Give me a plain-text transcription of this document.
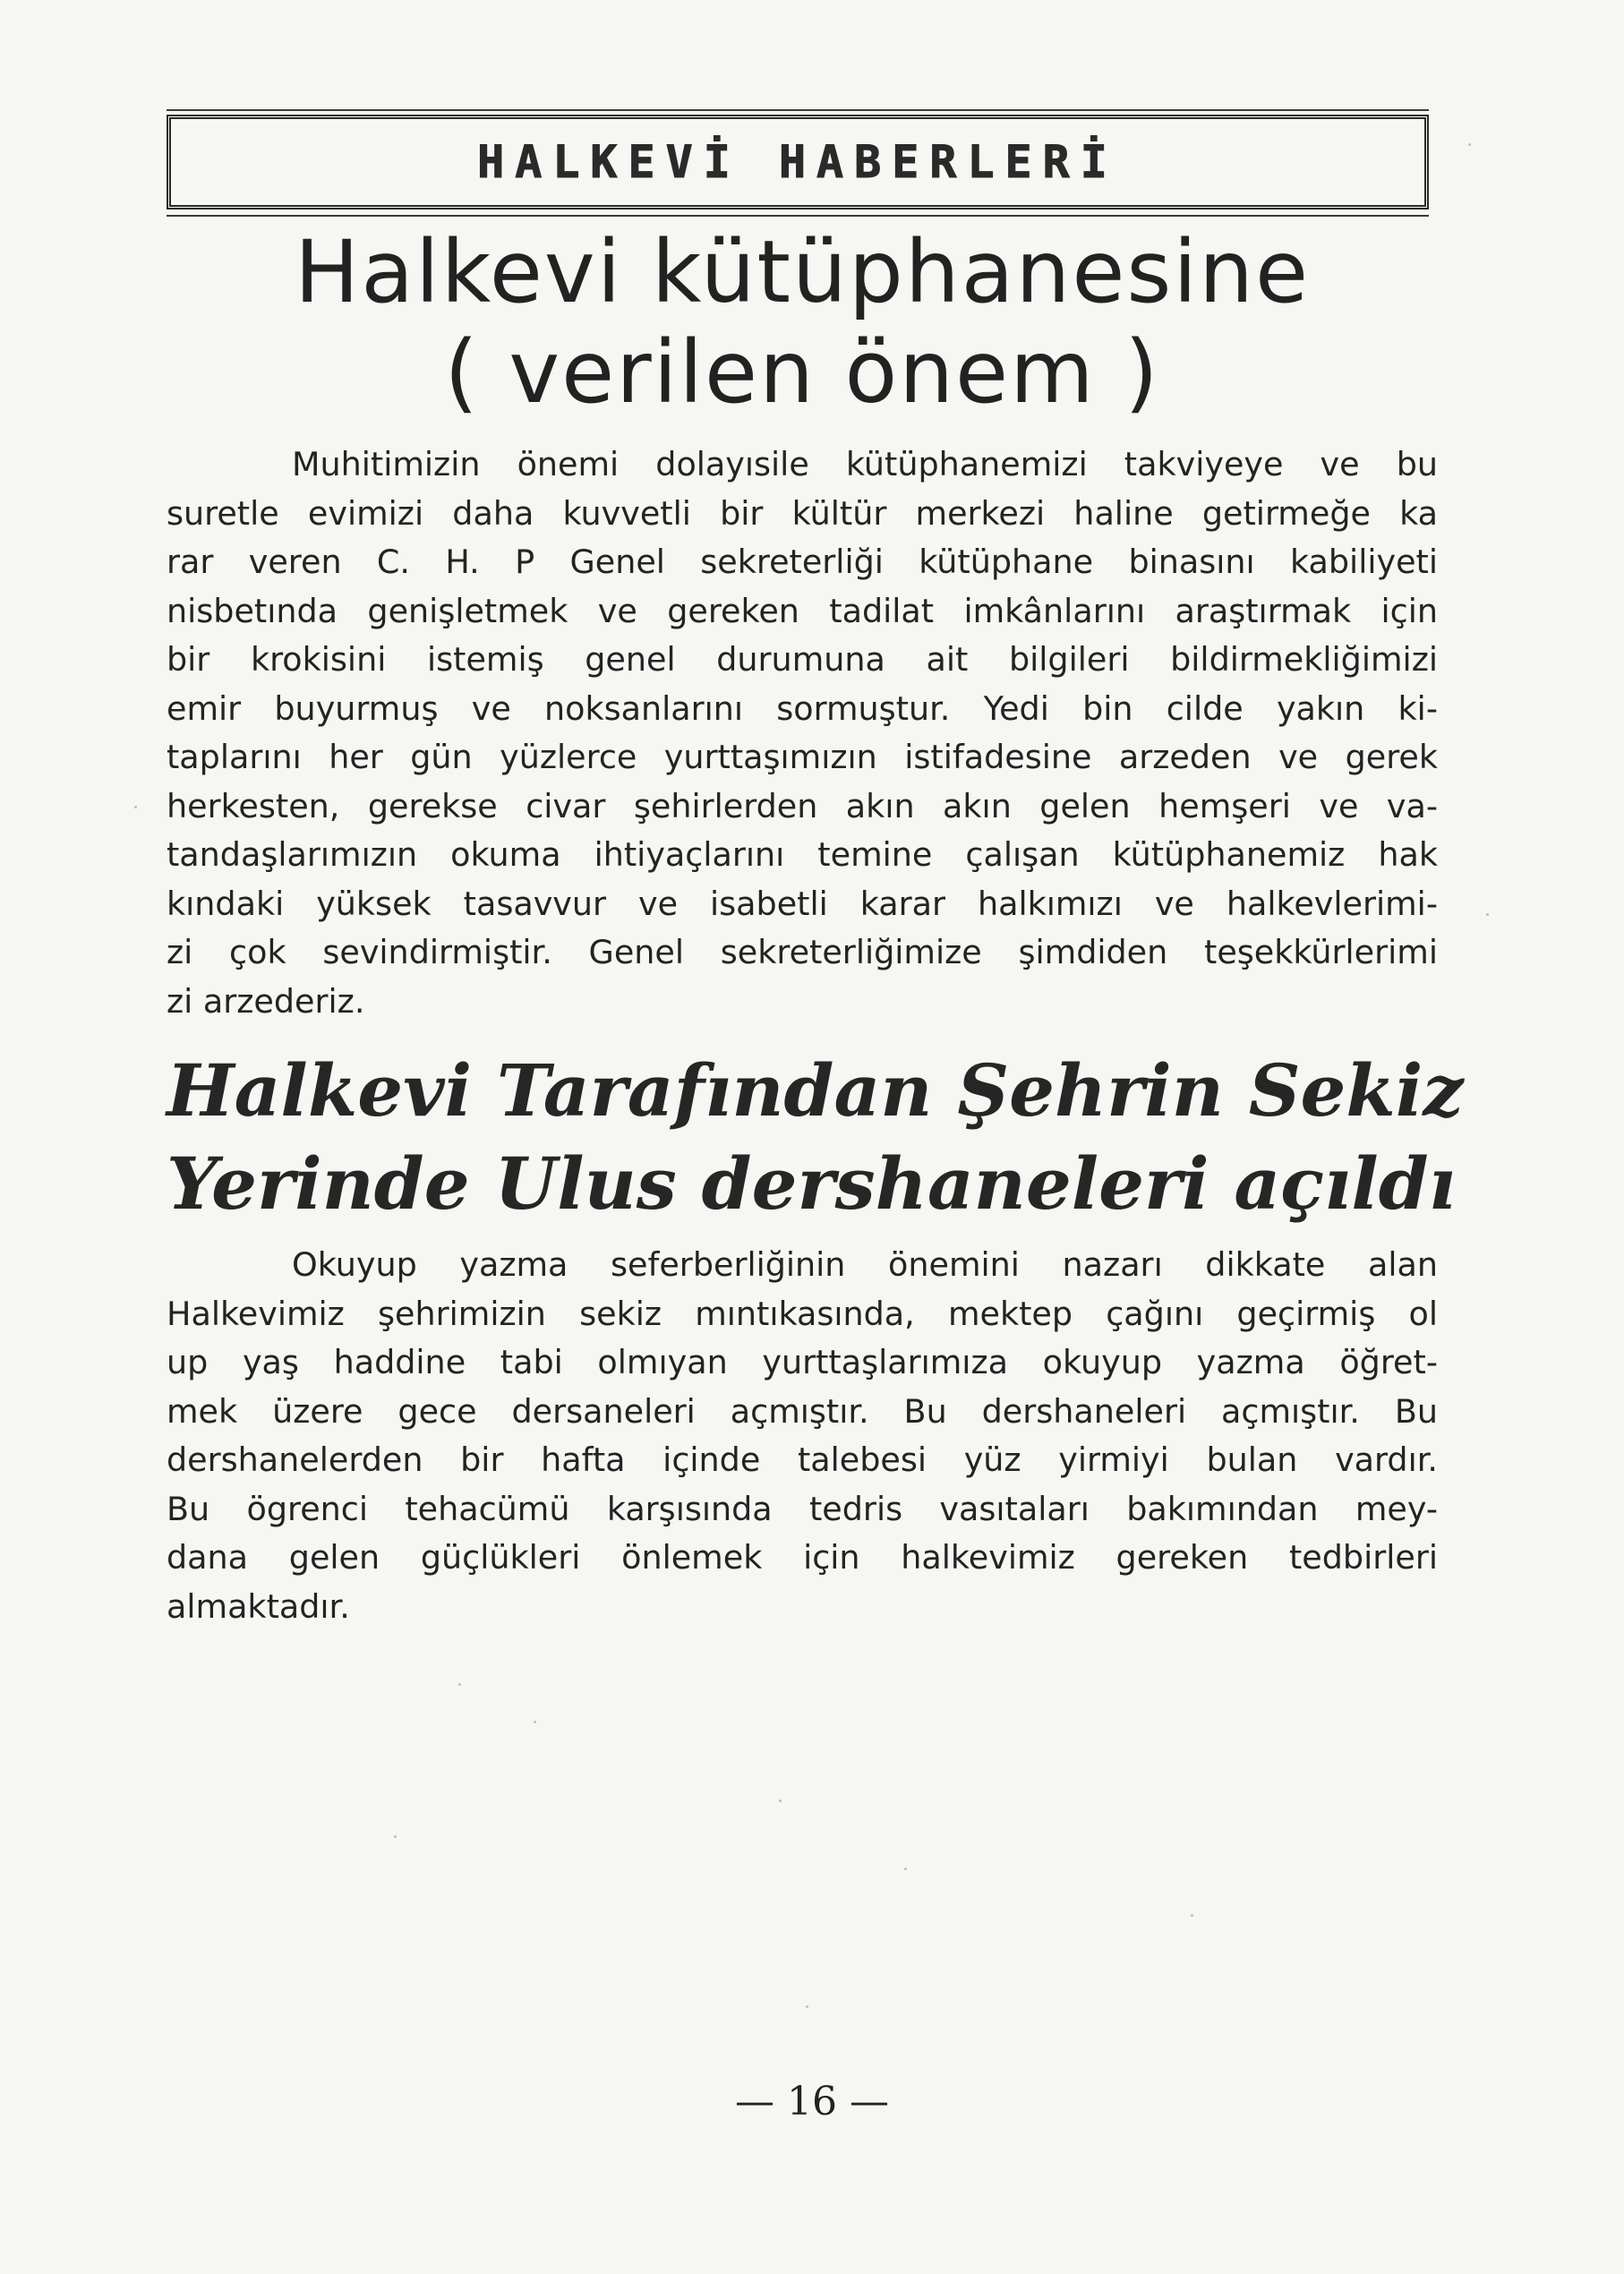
HALKEVİ HABERLERİ
Halkevi kütüphanesine
( verilen önem )
Muhitimizin önemi dolayısile kütüphanemizi takviyeye ve bu
suretle evimizi daha kuvvetli bir kültür merkezi haline getirmeğe ka
rar veren C. H. P Genel sekreterliği kütüphane binasını kabiliyeti
nisbetında genişletmek ve gereken tadilat imkânlarını araştırmak için
bir krokisini istemiş genel durumuna ait bilgileri bildirmekliğimizi
emir buyurmuş ve noksanlarını sormuştur. Yedi bin cilde yakın ki-
taplarını her gün yüzlerce yurttaşımızın istifadesine arzeden ve gerek
herkesten, gerekse civar şehirlerden akın akın gelen hemşeri ve va-
tandaşlarımızın okuma ihtiyaçlarını temine çalışan kütüphanemiz hak
kındaki yüksek tasavvur ve isabetli karar halkımızı ve halkevlerimi-
zi çok sevindirmiştir. Genel sekreterliğimize şimdiden teşekkürlerimi
zi arzederiz.
Halkevi Tarafından Şehrin Sekiz
Yerinde Ulus dershaneleri açıldı
Okuyup yazma seferberliğinin önemini nazarı dikkate alan
Halkevimiz şehrimizin sekiz mıntıkasında, mektep çağını geçirmiş ol
up yaş haddine tabi olmıyan yurttaşlarımıza okuyup yazma öğret-
mek üzere gece dersaneleri açmıştır. Bu dershaneleri açmıştır. Bu
dershanelerden bir hafta içinde talebesi yüz yirmiyi bulan vardır.
Bu ögrenci tehacümü karşısında tedris vasıtaları bakımından mey-
dana gelen güçlükleri önlemek için halkevimiz gereken tedbirleri
almaktadır.
— 16 —
